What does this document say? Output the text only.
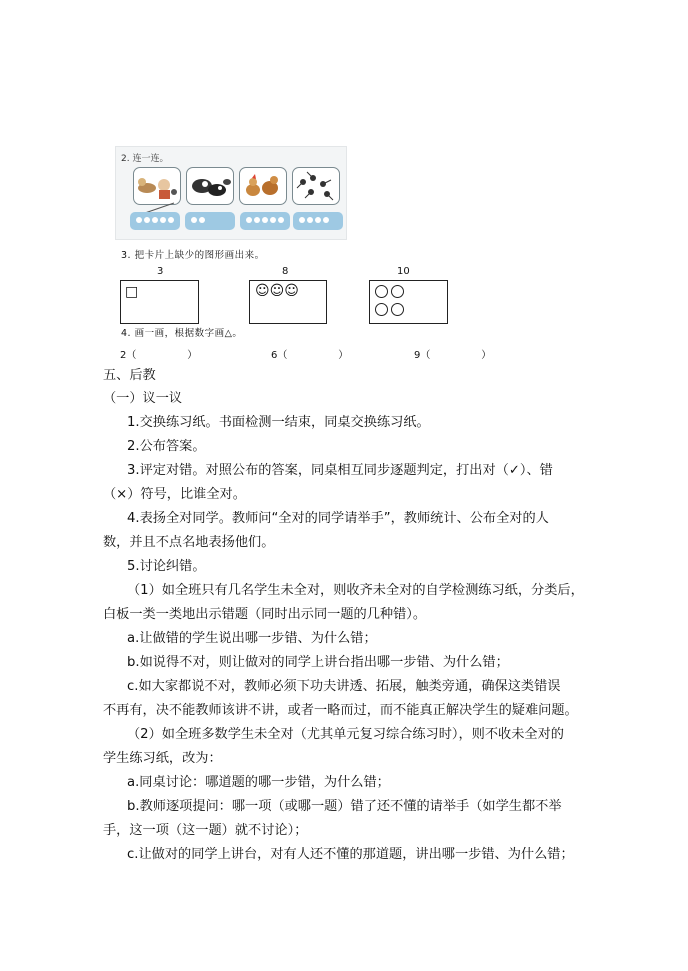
2. 连一连。
3. 把卡片上缺少的图形画出来。
3	8	10
□	☺☺☺
4. 画一画，根据数字画△。
2（                ）	6（                ）	9（                ）
五、后教
（一）议一议
1.交换练习纸。书面检测一结束，同桌交换练习纸。
2.公布答案。
3.评定对错。对照公布的答案，同桌相互同步逐题判定，打出对（✓）、错
（×）符号，比谁全对。
4.表扬全对同学。教师问“全对的同学请举手”，教师统计、公布全对的人
数，并且不点名地表扬他们。
5.讨论纠错。
（1）如全班只有几名学生未全对，则收齐未全对的自学检测练习纸，分类后，
白板一类一类地出示错题（同时出示同一题的几种错）。
a.让做错的学生说出哪一步错、为什么错；
b.如说得不对，则让做对的同学上讲台指出哪一步错、为什么错；
c.如大家都说不对，教师必须下功夫讲透、拓展，触类旁通，确保这类错误
不再有，决不能教师该讲不讲，或者一略而过，而不能真正解决学生的疑难问题。
（2）如全班多数学生未全对（尤其单元复习综合练习时），则不收未全对的
学生练习纸，改为：
a.同桌讨论：哪道题的哪一步错，为什么错；
b.教师逐项提问：哪一项（或哪一题）错了还不懂的请举手（如学生都不举
手，这一项（这一题）就不讨论）；
c.让做对的同学上讲台，对有人还不懂的那道题，讲出哪一步错、为什么错；
